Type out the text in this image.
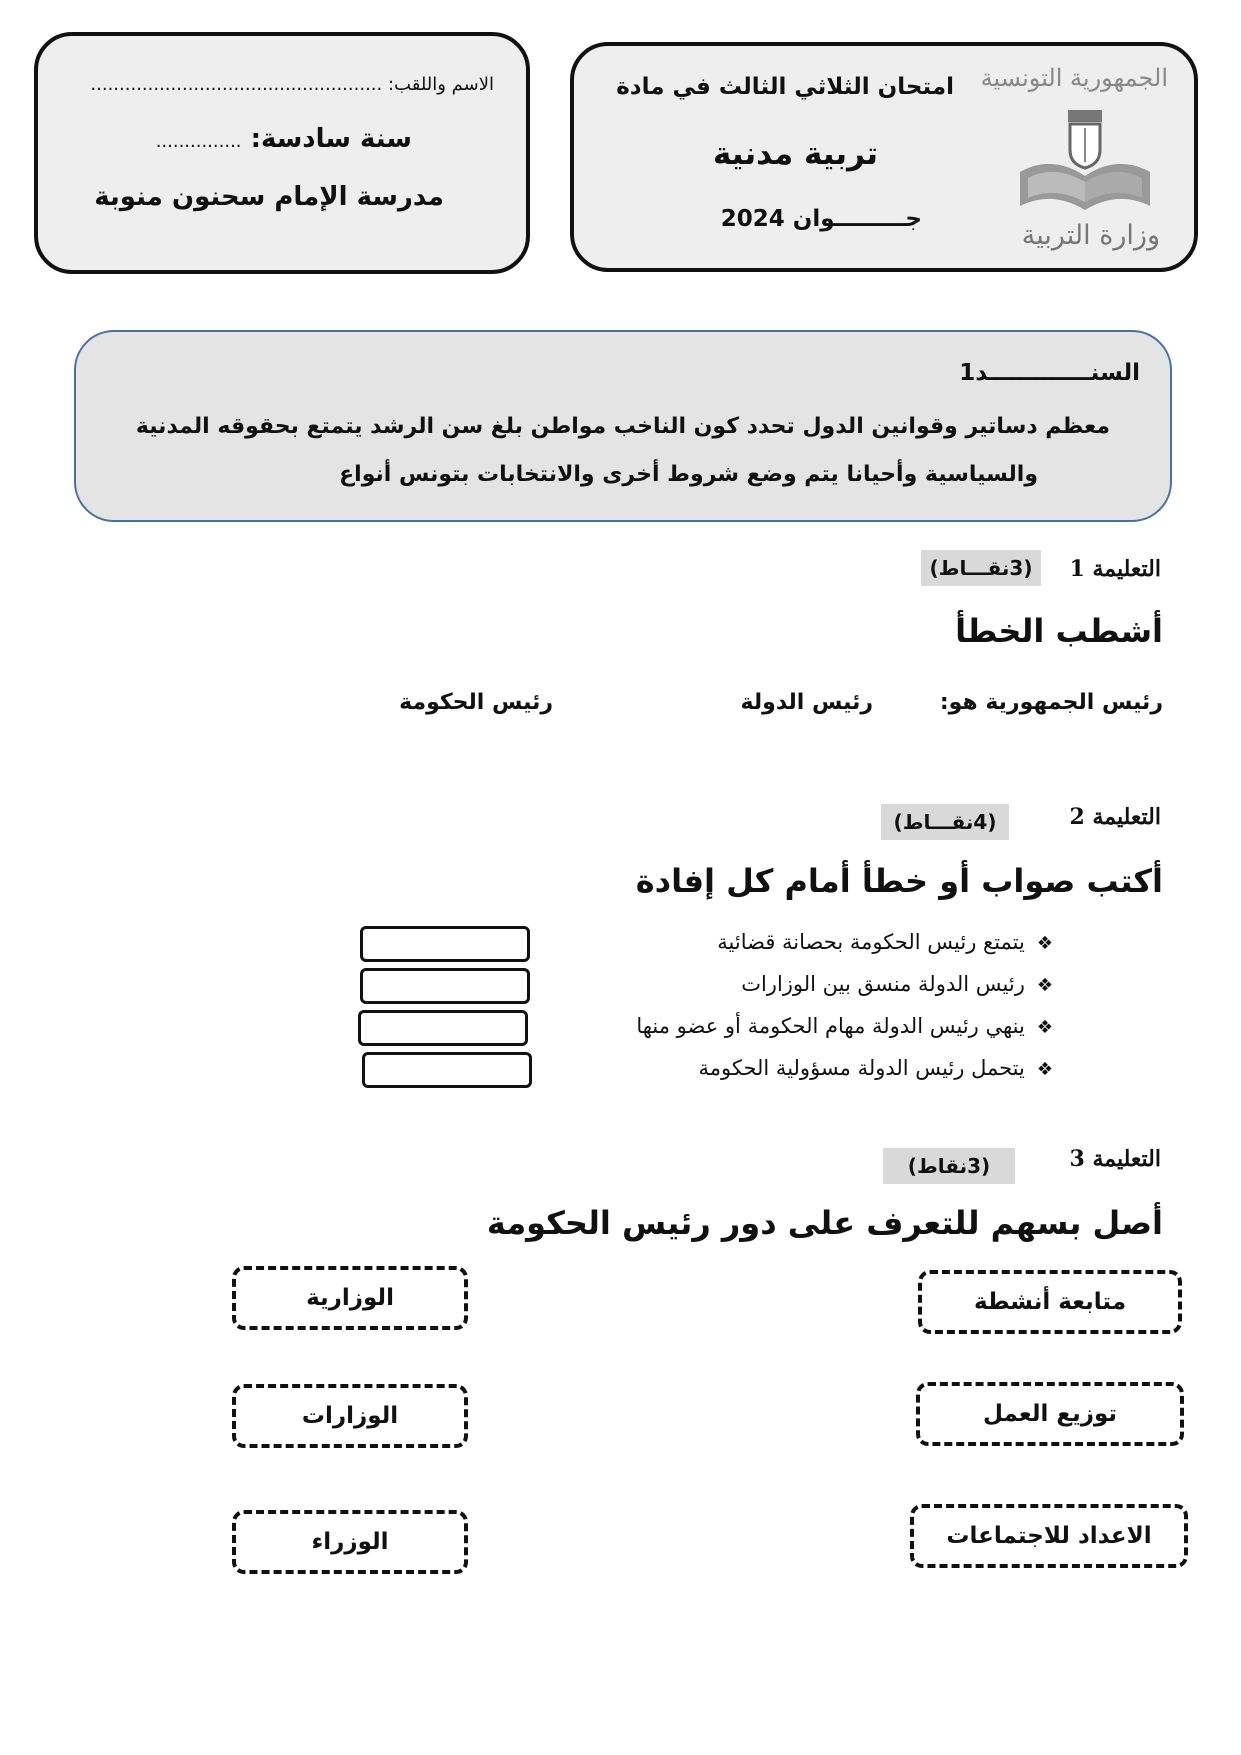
الجمهورية التونسية
وزارة التربية
امتحان الثلاثي الثالث في مادة
تربية مدنية
جـــــــــوان 2024
الاسم واللقب: ...................................................
سنة سادسة: ...............
مدرسة الإمام سحنون منوبة
السنـــــــــــــد1
معظم دساتير وقوانين الدول تحدد كون الناخب مواطن بلغ سن الرشد يتمتع بحقوقه المدنية
والسياسية وأحيانا يتم وضع شروط أخرى والانتخابات بتونس أنواع
التعليمة 1
(3نقـــاط)
أشطب الخطأ
رئيس الجمهورية هو:
رئيس الدولة
رئيس الحكومة
التعليمة 2
(4نقـــاط)
أكتب صواب أو خطأ أمام كل إفادة
❖يتمتع رئيس الحكومة بحصانة قضائية
❖رئيس الدولة منسق بين الوزارات
❖ينهي رئيس الدولة مهام الحكومة أو عضو منها
❖يتحمل رئيس الدولة مسؤولية الحكومة
التعليمة 3
(3نقاط)
أصل بسهم للتعرف على دور رئيس الحكومة
متابعة أنشطة
توزيع العمل
الاعداد للاجتماعات
الوزارية
الوزارات
الوزراء
